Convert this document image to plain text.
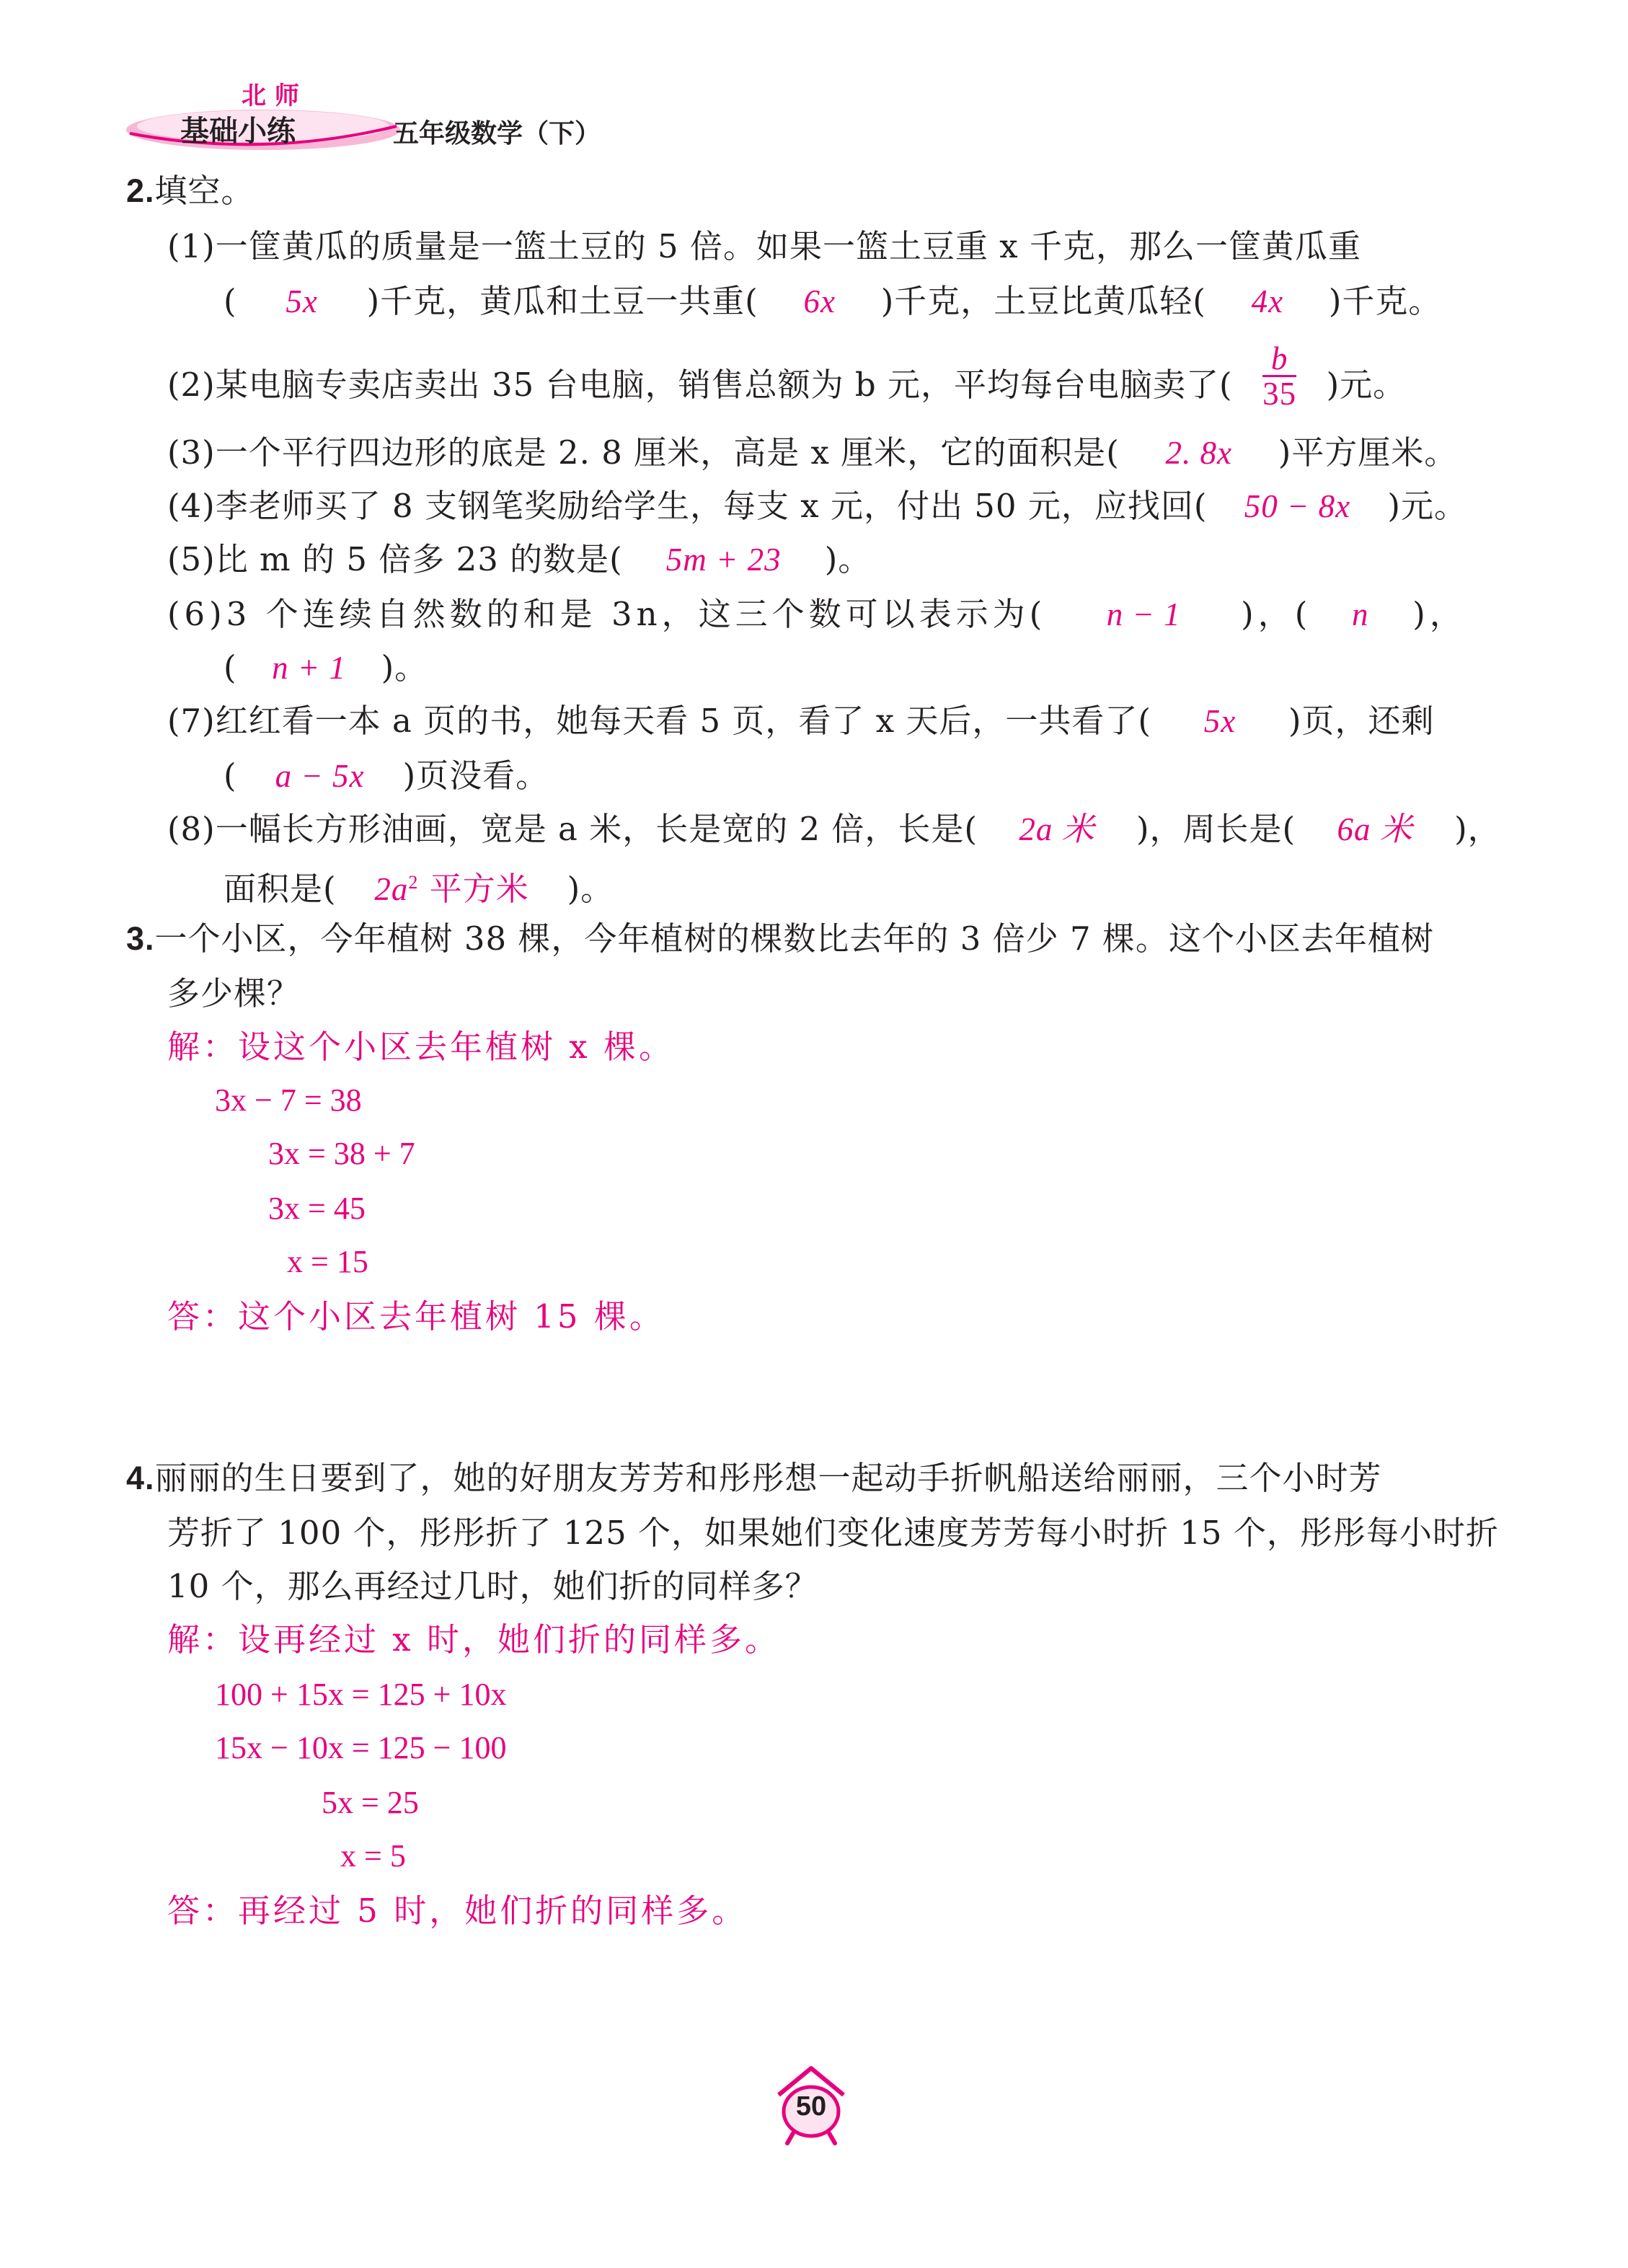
北 师
基础小练	五年级数学（下）
2.填空。
(1)一筐黄瓜的质量是一篮土豆的 5 倍。如果一篮土豆重 x 千克，那么一筐黄瓜重
( 5x )千克，黄瓜和土豆一共重( 6x )千克，土豆比黄瓜轻( 4x )千克。
(2)某电脑专卖店卖出 35 台电脑，销售总额为 b 元，平均每台电脑卖了( $\frac{b}{35}$ )元。
(3)一个平行四边形的底是 2. 8 厘米，高是 x 厘米，它的面积是( 2. 8x )平方厘米。
(4)李老师买了 8 支钢笔奖励给学生，每支 x 元，付出 50 元，应找回( 50 − 8x )元。
(5)比 m 的 5 倍多 23 的数是( 5m + 23 )。
(6)3 个连续自然数的和是 3n，这三个数可以表示为( n − 1 )，( n )，
( n + 1 )。
(7)红红看一本 a 页的书，她每天看 5 页，看了 x 天后，一共看了( 5x )页，还剩
( a − 5x )页没看。
(8)一幅长方形油画，宽是 a 米，长是宽的 2 倍，长是( 2a 米 )，周长是( 6a 米 )，
面积是( $2a^2$ 平方米 )。
3.一个小区，今年植树 38 棵，今年植树的棵数比去年的 3 倍少 7 棵。这个小区去年植树
多少棵？
解：设这个小区去年植树 x 棵。
3x − 7 = 38
3x = 38 + 7
3x = 45
x = 15
答：这个小区去年植树 15 棵。
4.丽丽的生日要到了，她的好朋友芳芳和彤彤想一起动手折帆船送给丽丽，三个小时芳
芳折了 100 个，彤彤折了 125 个，如果她们变化速度芳芳每小时折 15 个，彤彤每小时折
10 个，那么再经过几时，她们折的同样多？
解：设再经过 x 时，她们折的同样多。
100 + 15x = 125 + 10x
15x − 10x = 125 − 100
5x = 25
x = 5
答：再经过 5 时，她们折的同样多。
50
